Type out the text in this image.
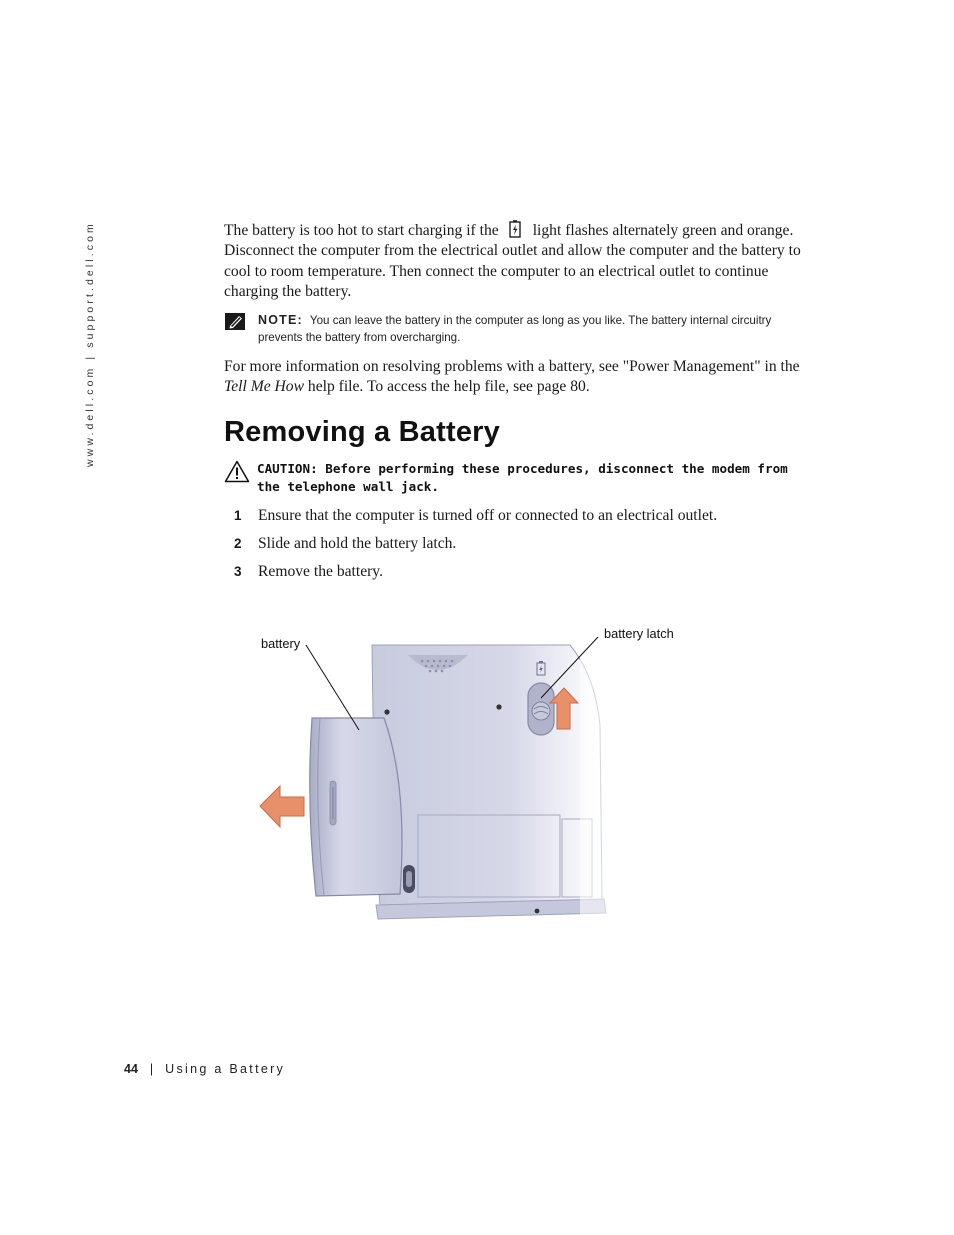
www.dell.com | support.dell.com	The battery is too hot to start charging if the light flashes alternately green and orange. Disconnect the computer from the electrical outlet and allow the computer and the battery to cool to room temperature. Then connect the computer to an electrical outlet to continue charging the battery.

NOTE: You can leave the battery in the computer as long as you like. The battery internal circuitry prevents the battery from overcharging.

For more information on resolving problems with a battery, see "Power Management" in the Tell Me How help file. To access the help file, see page 80.

Removing a Battery
CAUTION: Before performing these procedures, disconnect the modem from the telephone wall jack.
1	Ensure that the computer is turned off or connected to an electrical outlet.
2	Slide and hold the battery latch.
3	Remove the battery.
battery
battery latch
44 | Using a Battery
